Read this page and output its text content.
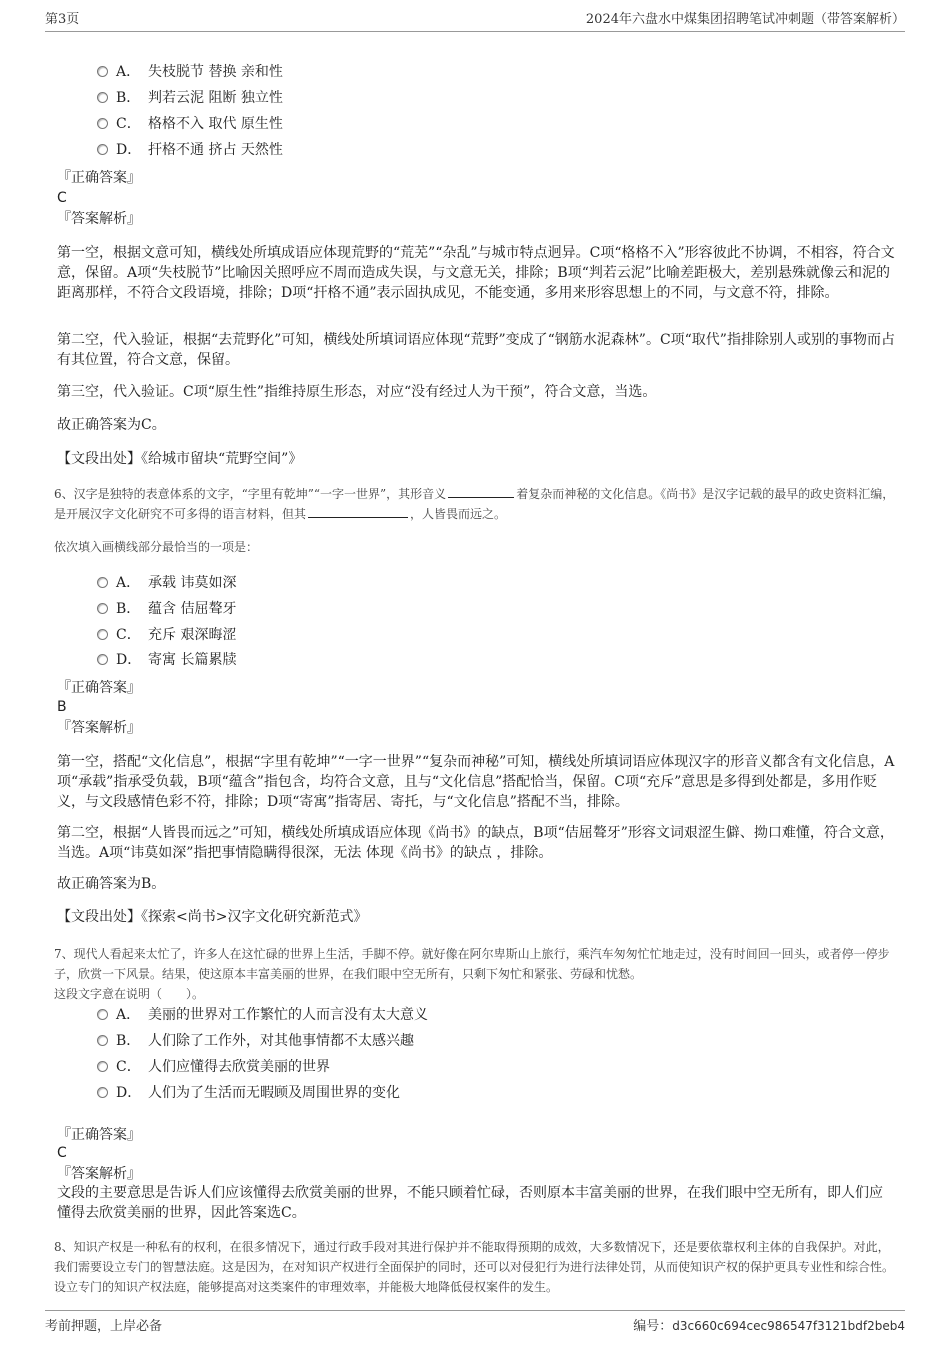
第3页	2024年六盘水中煤集团招聘笔试冲刺题（带答案解析）
A． 失枝脱节 替换 亲和性
B． 判若云泥 阻断 独立性
C． 格格不入 取代 原生性
D． 扞格不通 挤占 天然性
『正确答案』
C
『答案解析』
第一空，根据文意可知，横线处所填成语应体现荒野的“荒芜”“杂乱”与城市特点迥异。C项“格格不入”形容彼此不协调，不相容，符合文意，保留。A项“失枝脱节”比喻因关照呼应不周而造成失误，与文意无关，排除；B项“判若云泥”比喻差距极大，差别悬殊就像云和泥的距离那样，不符合文段语境，排除；D项“扞格不通”表示固执成见，不能变通，多用来形容思想上的不同，与文意不符，排除。
第二空，代入验证，根据“去荒野化”可知，横线处所填词语应体现“荒野”变成了“钢筋水泥森林”。C项“取代”指排除别人或别的事物而占有其位置，符合文意，保留。
第三空，代入验证。C项“原生性”指维持原生形态，对应“没有经过人为干预”，符合文意，当选。
故正确答案为C。
【文段出处】《给城市留块“荒野空间”》
6、汉字是独特的表意体系的文字，“字里有乾坤”“一字一世界”，其形音义	着复杂而神秘的文化信息。《尚书》是汉字记载的最早的政史资料汇编，是开展汉字文化研究不可多得的语言材料，但其	，人皆畏而远之。
依次填入画横线部分最恰当的一项是：
A． 承载 讳莫如深
B． 蕴含 佶屈聱牙
C． 充斥 艰深晦涩
D． 寄寓 长篇累牍
『正确答案』
B
『答案解析』
第一空，搭配“文化信息”，根据“字里有乾坤”“一字一世界”“复杂而神秘”可知，横线处所填词语应体现汉字的形音义都含有文化信息，A项“承载”指承受负载，B项“蕴含”指包含，均符合文意，且与“文化信息”搭配恰当，保留。C项“充斥”意思是多得到处都是，多用作贬义，与文段感情色彩不符，排除；D项“寄寓”指寄居、寄托，与“文化信息”搭配不当，排除。
第二空，根据“人皆畏而远之”可知，横线处所填成语应体现《尚书》的缺点，B项“佶屈聱牙”形容文词艰涩生僻、拗口难懂，符合文意，当选。A项“讳莫如深”指把事情隐瞒得很深，无法 体现《尚书》的缺点 ，排除。
故正确答案为B。
【文段出处】《探索<尚书>汉字文化研究新范式》
7、现代人看起来太忙了，许多人在这忙碌的世界上生活，手脚不停。就好像在阿尔卑斯山上旅行，乘汽车匆匆忙忙地走过，没有时间回一回头，或者停一停步子，欣赏一下风景。结果，使这原本丰富美丽的世界，在我们眼中空无所有，只剩下匆忙和紧张、劳碌和忧愁。
这段文字意在说明（　　）。
A． 美丽的世界对工作繁忙的人而言没有太大意义
B． 人们除了工作外，对其他事情都不太感兴趣
C． 人们应懂得去欣赏美丽的世界
D． 人们为了生活而无暇顾及周围世界的变化
『正确答案』
C
『答案解析』
文段的主要意思是告诉人们应该懂得去欣赏美丽的世界，不能只顾着忙碌，否则原本丰富美丽的世界，在我们眼中空无所有，即人们应懂得去欣赏美丽的世界，因此答案选C。
8、知识产权是一种私有的权利，在很多情况下，通过行政手段对其进行保护并不能取得预期的成效，大多数情况下，还是要依靠权利主体的自我保护。对此，我们需要设立专门的智慧法庭。这是因为，在对知识产权进行全面保护的同时，还可以对侵犯行为进行法律处罚，从而使知识产权的保护更具专业性和综合性。设立专门的知识产权法庭，能够提高对这类案件的审理效率，并能极大地降低侵权案件的发生。
考前押题，上岸必备	编号：d3c660c694cec986547f3121bdf2beb4
